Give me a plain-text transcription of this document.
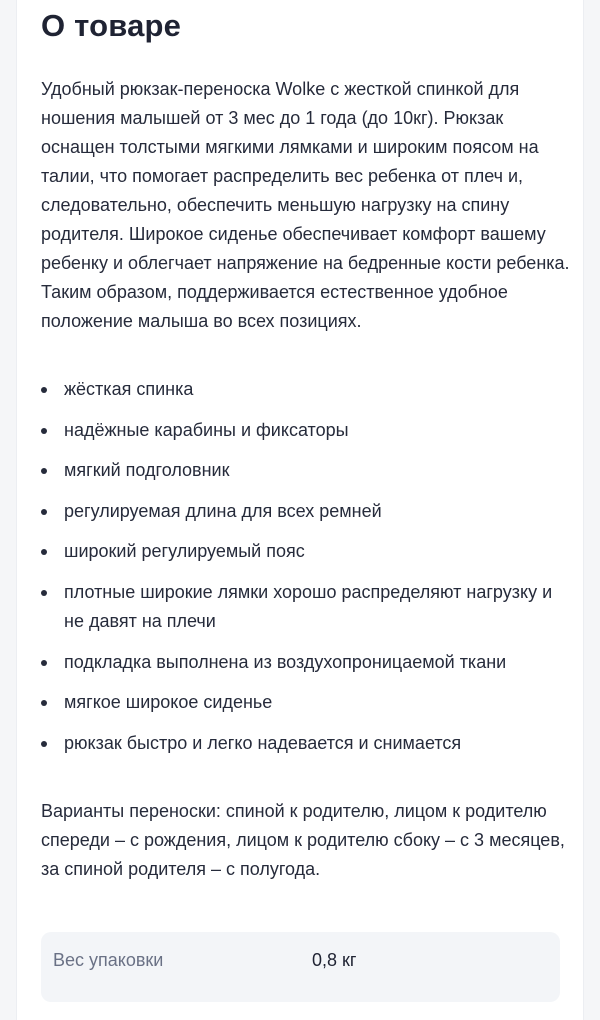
О товаре

Удобный рюкзак-переноска Wolke с жесткой спинкой для ношения малышей от 3 мес до 1 года (до 10кг). Рюкзак оснащен толстыми мягкими лямками и широким поясом на талии, что помогает распределить вес ребенка от плеч и, следовательно, обеспечить меньшую нагрузку на спину родителя. Широкое сиденье обеспечивает комфорт вашему ребенку и облегчает напряжение на бедренные кости ребенка. Таким образом, поддерживается естественное удобное положение малыша во всех позициях.

жёсткая спинка
надёжные карабины и фиксаторы
мягкий подголовник
регулируемая длина для всех ремней
широкий регулируемый пояс
плотные широкие лямки хорошо распределяют нагрузку и не давят на плечи
подкладка выполнена из воздухопроницаемой ткани
мягкое широкое сиденье
рюкзак быстро и легко надевается и снимается

Варианты переноски: спиной к родителю, лицом к родителю спереди – с рождения, лицом к родителю сбоку – с 3 месяцев, за спиной родителя – с полугода.

Вес упаковки	0,8 кг
